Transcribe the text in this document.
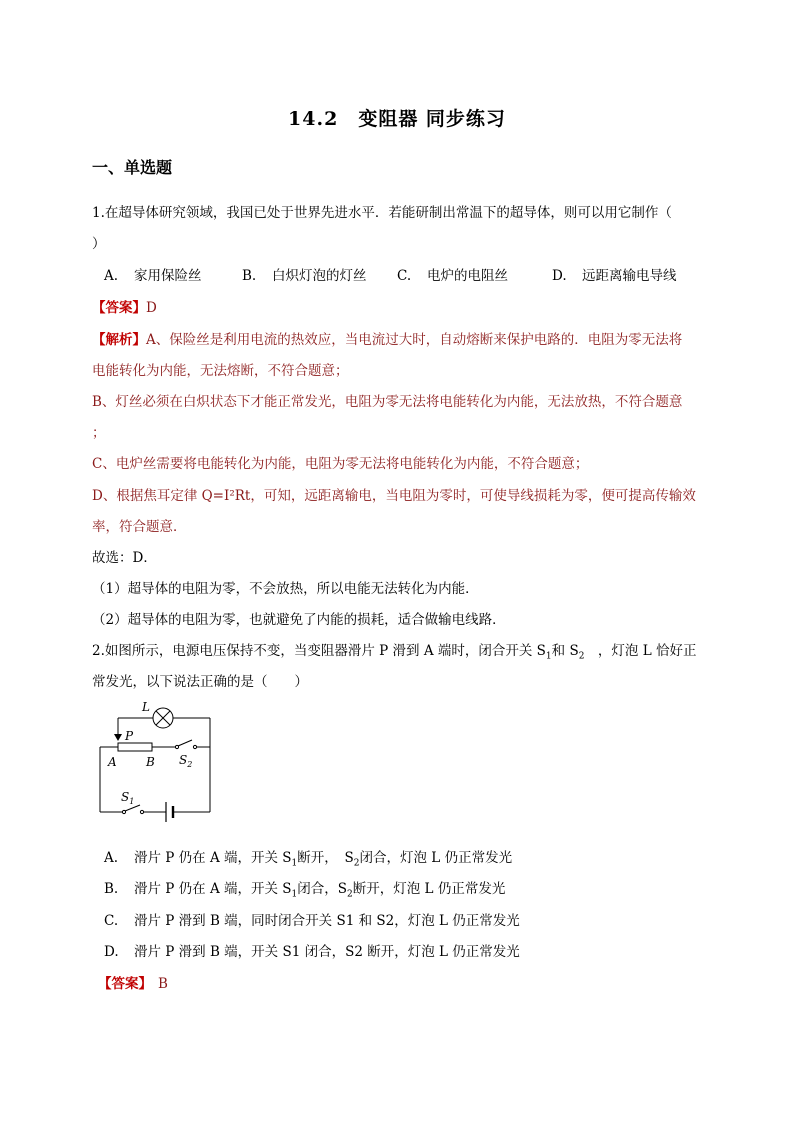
14.2　变阻器 同步练习
一、单选题
1.在超导体研究领域，我国已处于世界先进水平．若能研制出常温下的超导体，则可以用它制作（
）
A. 家用保险丝	B. 白炽灯泡的灯丝 C. 电炉的电阻丝	D. 远距离输电导线
【答案】D
【解析】A、保险丝是利用电流的热效应，当电流过大时，自动熔断来保护电路的．电阻为零无法将
电能转化为内能，无法熔断，不符合题意；
B、灯丝必须在白炽状态下才能正常发光，电阻为零无法将电能转化为内能，无法放热，不符合题意
；
C、电炉丝需要将电能转化为内能，电阻为零无法将电能转化为内能，不符合题意；
D、根据焦耳定律 Q=I²Rt，可知，远距离输电，当电阻为零时，可使导线损耗为零，便可提高传输效
率，符合题意．
故选：D．
（1）超导体的电阻为零，不会放热，所以电能无法转化为内能．
（2）超导体的电阻为零，也就避免了内能的损耗，适合做输电线路．
2.如图所示，电源电压保持不变，当变阻器滑片 P 滑到 A 端时，闭合开关 $S_1$和 $S_2$　，灯泡 L 恰好正
常发光，以下说法正确的是（　　）
L
P
A B $S_2$
$S_1$
A. 滑片 P 仍在 A 端，开关 $S_1$断开，　$S_2$闭合，灯泡 L 仍正常发光
B. 滑片 P 仍在 A 端，开关 $S_1$闭合，$S_2$断开，灯泡 L 仍正常发光
C. 滑片 P 滑到 B 端，同时闭合开关 S1 和 S2，灯泡 L 仍正常发光
D. 滑片 P 滑到 B 端，开关 S1 闭合，S2 断开，灯泡 L 仍正常发光
【答案】 B
